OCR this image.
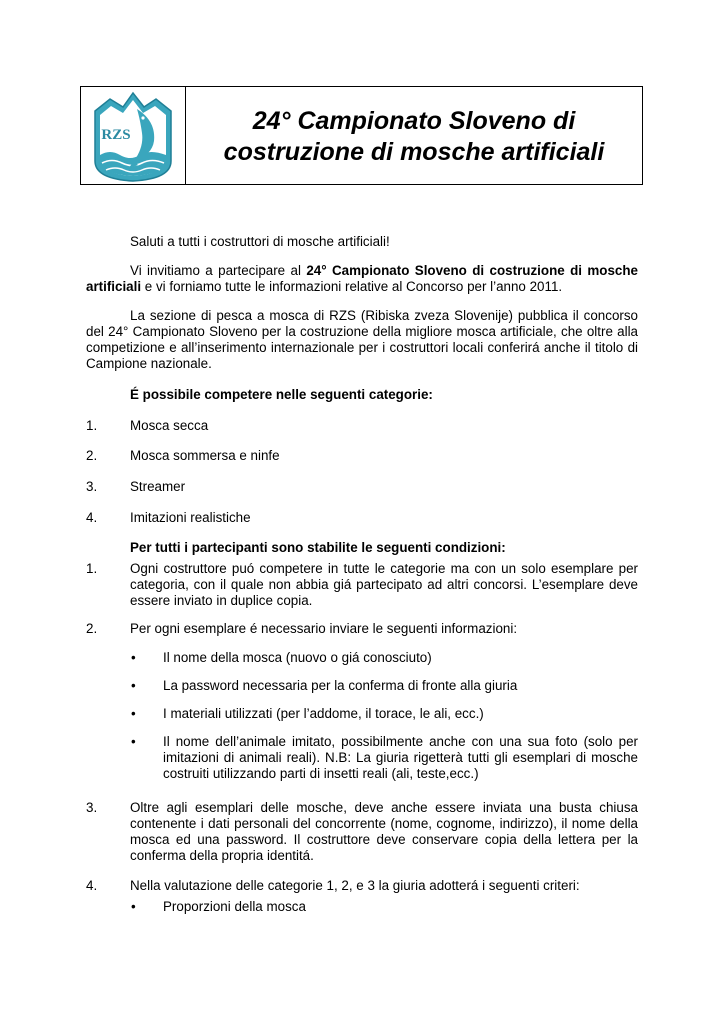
RZS	24° Campionato Sloveno di
costruzione di mosche artificiali

Saluti a tutti i costruttori di mosche artificiali!

Vi invitiamo a partecipare al 24° Campionato Sloveno di costruzione di mosche artificiali e vi forniamo tutte le informazioni relative al Concorso per l’anno 2011.

La sezione di pesca a mosca di RZS (Ribiska zveza Slovenije) pubblica il concorso del 24° Campionato Sloveno per la costruzione della migliore mosca artificiale, che oltre alla competizione e all’inserimento internazionale per i costruttori locali conferirá anche il titolo di Campione nazionale.

É possibile competere nelle seguenti categorie:

1. Mosca secca
2. Mosca sommersa e ninfe
3. Streamer
4. Imitazioni realistiche

Per tutti i partecipanti sono stabilite le seguenti condizioni:

1. Ogni costruttore puó competere in tutte le categorie ma con un solo esemplare per categoria, con il quale non abbia giá partecipato ad altri concorsi. L’esemplare deve essere inviato in duplice copia.
2. Per ogni esemplare é necessario inviare le seguenti informazioni:
• Il nome della mosca (nuovo o giá conosciuto)
• La password necessaria per la conferma di fronte alla giuria
• I materiali utilizzati (per l’addome, il torace, le ali, ecc.)
• Il nome dell’animale imitato, possibilmente anche con una sua foto (solo per imitazioni di animali reali). N.B: La giuria rigetterà tutti gli esemplari di mosche costruiti utilizzando parti di insetti reali (ali, teste,ecc.)
3. Oltre agli esemplari delle mosche, deve anche essere inviata una busta chiusa contenente i dati personali del concorrente (nome, cognome, indirizzo), il nome della mosca ed una password. Il costruttore deve conservare copia della lettera per la conferma della propria identitá.
4. Nella valutazione delle categorie 1, 2, e 3 la giuria adotterá i seguenti criteri:
• Proporzioni della mosca
